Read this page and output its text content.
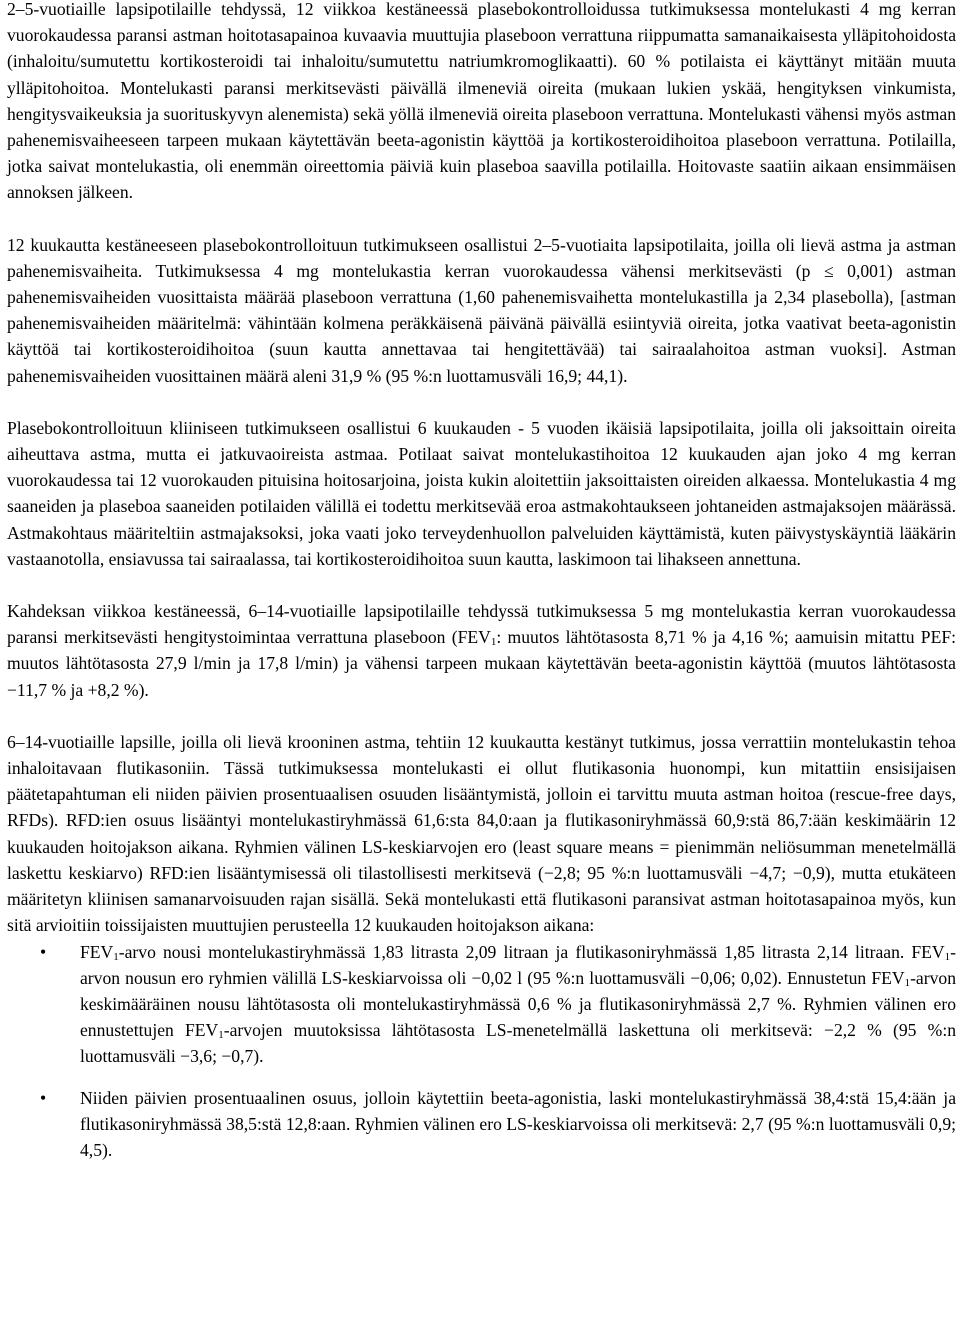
2–5-vuotiaille lapsipotilaille tehdyssä, 12 viikkoa kestäneessä plasebokontrolloidussa tutkimuksessa montelukasti 4 mg kerran vuorokaudessa paransi astman hoitotasapainoa kuvaavia muuttujia plaseboon verrattuna riippumatta samanaikaisesta ylläpitohoidosta (inhaloitu/sumutettu kortikosteroidi tai inhaloitu/sumutettu natriumkromoglikaatti). 60 % potilaista ei käyttänyt mitään muuta ylläpitohoitoa. Montelukasti paransi merkitsevästi päivällä ilmeneviä oireita (mukaan lukien yskää, hengityksen vinkumista, hengitysvaikeuksia ja suorituskyvyn alenemista) sekä yöllä ilmeneviä oireita plaseboon verrattuna. Montelukasti vähensi myös astman pahenemisvaiheeseen tarpeen mukaan käytettävän beeta-agonistin käyttöä ja kortikosteroidihoitoa plaseboon verrattuna. Potilailla, jotka saivat montelukastia, oli enemmän oireettomia päiviä kuin plaseboa saavilla potilailla. Hoitovaste saatiin aikaan ensimmäisen annoksen jälkeen.

12 kuukautta kestäneeseen plasebokontrolloituun tutkimukseen osallistui 2–5-vuotiaita lapsipotilaita, joilla oli lievä astma ja astman pahenemisvaiheita. Tutkimuksessa 4 mg montelukastia kerran vuorokaudessa vähensi merkitsevästi (p ≤ 0,001) astman pahenemisvaiheiden vuosittaista määrää plaseboon verrattuna (1,60 pahenemisvaihetta montelukastilla ja 2,34 plasebolla), [astman pahenemisvaiheiden määritelmä: vähintään kolmena peräkkäisenä päivänä päivällä esiintyviä oireita, jotka vaativat beeta-agonistin käyttöä tai kortikosteroidihoitoa (suun kautta annettavaa tai hengitettävää) tai sairaalahoitoa astman vuoksi]. Astman pahenemisvaiheiden vuosittainen määrä aleni 31,9 % (95 %:n luottamusväli 16,9; 44,1).

Plasebokontrolloituun kliiniseen tutkimukseen osallistui 6 kuukauden - 5 vuoden ikäisiä lapsipotilaita, joilla oli jaksoittain oireita aiheuttava astma, mutta ei jatkuvaoireista astmaa. Potilaat saivat montelukastihoitoa 12 kuukauden ajan joko 4 mg kerran vuorokaudessa tai 12 vuorokauden pituisina hoitosarjoina, joista kukin aloitettiin jaksoittaisten oireiden alkaessa. Montelukastia 4 mg saaneiden ja plaseboa saaneiden potilaiden välillä ei todettu merkitsevää eroa astmakohtaukseen johtaneiden astmajaksojen määrässä. Astmakohtaus määriteltiin astmajaksoksi, joka vaati joko terveydenhuollon palveluiden käyttämistä, kuten päivystyskäyntiä lääkärin vastaanotolla, ensiavussa tai sairaalassa, tai kortikosteroidihoitoa suun kautta, laskimoon tai lihakseen annettuna.

Kahdeksan viikkoa kestäneessä, 6–14-vuotiaille lapsipotilaille tehdyssä tutkimuksessa 5 mg montelukastia kerran vuorokaudessa paransi merkitsevästi hengitystoimintaa verrattuna plaseboon ($FEV_1$: muutos lähtötasosta 8,71 % ja 4,16 %; aamuisin mitattu PEF: muutos lähtötasosta 27,9 l/min ja 17,8 l/min) ja vähensi tarpeen mukaan käytettävän beeta-agonistin käyttöä (muutos lähtötasosta −11,7 % ja +8,2 %).

6–14-vuotiaille lapsille, joilla oli lievä krooninen astma, tehtiin 12 kuukautta kestänyt tutkimus, jossa verrattiin montelukastin tehoa inhaloitavaan flutikasoniin. Tässä tutkimuksessa montelukasti ei ollut flutikasonia huonompi, kun mitattiin ensisijaisen päätetapahtuman eli niiden päivien prosentuaalisen osuuden lisääntymistä, jolloin ei tarvittu muuta astman hoitoa (rescue-free days, RFDs). RFD:ien osuus lisääntyi montelukastiryhmässä 61,6:sta 84,0:aan ja flutikasoniryhmässä 60,9:stä 86,7:ään keskimäärin 12 kuukauden hoitojakson aikana. Ryhmien välinen LS-keskiarvojen ero (least square means = pienimmän neliösumman menetelmällä laskettu keskiarvo) RFD:ien lisääntymisessä oli tilastollisesti merkitsevä (−2,8; 95 %:n luottamusväli −4,7; −0,9), mutta etukäteen määritetyn kliinisen samanarvoisuuden rajan sisällä. Sekä montelukasti että flutikasoni paransivat astman hoitotasapainoa myös, kun sitä arvioitiin toissijaisten muuttujien perusteella 12 kuukauden hoitojakson aikana:

• $FEV_1$-arvo nousi montelukastiryhmässä 1,83 litrasta 2,09 litraan ja flutikasoniryhmässä 1,85 litrasta 2,14 litraan. $FEV_1$-arvon nousun ero ryhmien välillä LS-keskiarvoissa oli −0,02 l (95 %:n luottamusväli −0,06; 0,02). Ennustetun $FEV_1$-arvon keskimääräinen nousu lähtötasosta oli montelukastiryhmässä 0,6 % ja flutikasoniryhmässä 2,7 %. Ryhmien välinen ero ennustettujen $FEV_1$-arvojen muutoksissa lähtötasosta LS-menetelmällä laskettuna oli merkitsevä: −2,2 % (95 %:n luottamusväli −3,6; −0,7).
• Niiden päivien prosentuaalinen osuus, jolloin käytettiin beeta-agonistia, laski montelukastiryhmässä 38,4:stä 15,4:ään ja flutikasoniryhmässä 38,5:stä 12,8:aan. Ryhmien välinen ero LS-keskiarvoissa oli merkitsevä: 2,7 (95 %:n luottamusväli 0,9; 4,5).
